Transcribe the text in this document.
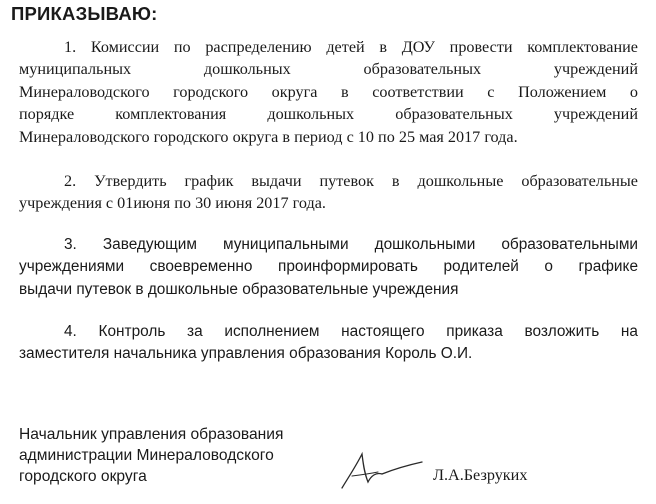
ПРИКАЗЫВАЮ:
1. Комиссии по распределению детей в ДОУ провести комплектование
муниципальных дошкольных образовательных учреждений
Минераловодского городского округа в соответствии с Положением о
порядке комплектования дошкольных образовательных учреждений
Минераловодского городского округа в период с 10 по 25 мая 2017 года.
2. Утвердить график выдачи путевок в дошкольные образовательные
учреждения с 01июня по 30 июня 2017 года.
3. Заведующим муниципальными дошкольными образовательными
учреждениями своевременно проинформировать родителей о графике
выдачи путевок в дошкольные образовательные учреждения
4. Контроль за исполнением настоящего приказа возложить на
заместителя начальника управления образования Король О.И.
Начальник управления образования
администрации Минераловодского
городского округа	Л.А.Безруких
